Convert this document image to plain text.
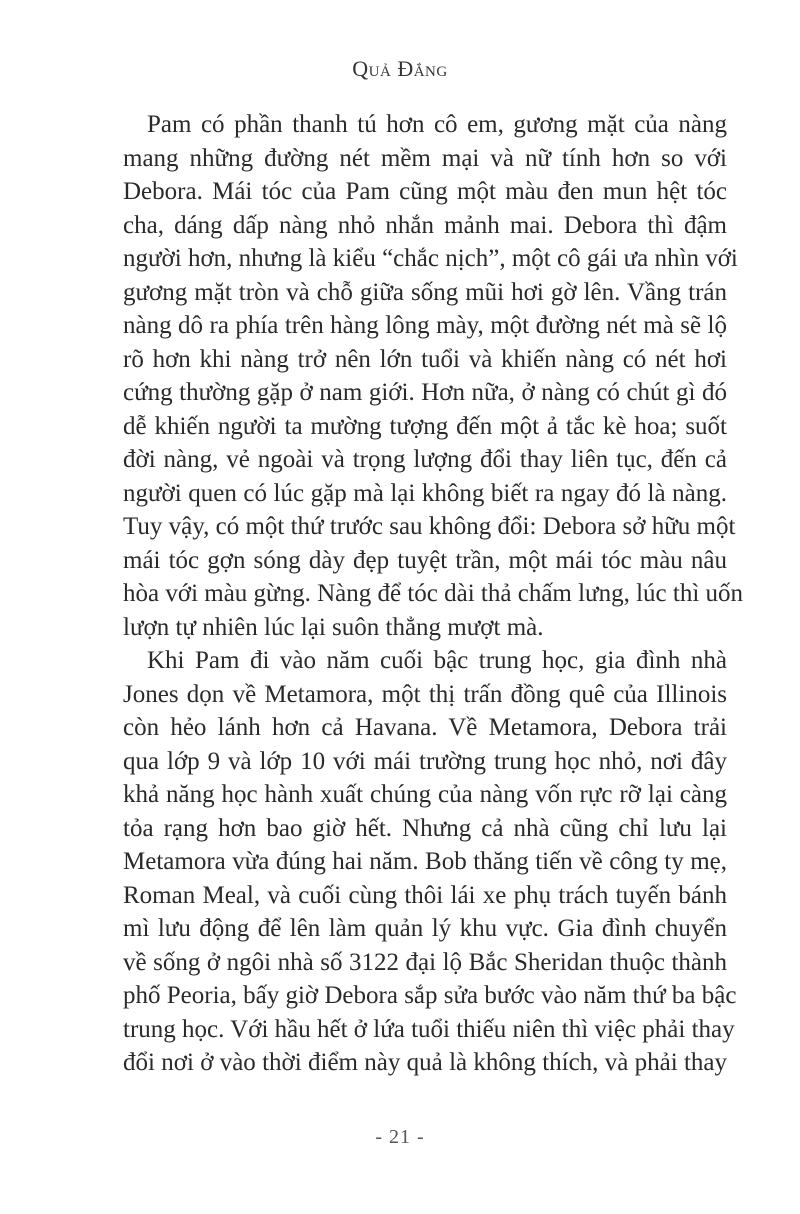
Quả Đắng
Pam có phần thanh tú hơn cô em, gương mặt của nàng
mang những đường nét mềm mại và nữ tính hơn so với
Debora. Mái tóc của Pam cũng một màu đen mun hệt tóc
cha, dáng dấp nàng nhỏ nhắn mảnh mai. Debora thì đậm
người hơn, nhưng là kiểu “chắc nịch”, một cô gái ưa nhìn với
gương mặt tròn và chỗ giữa sống mũi hơi gờ lên. Vầng trán
nàng dô ra phía trên hàng lông mày, một đường nét mà sẽ lộ
rõ hơn khi nàng trở nên lớn tuổi và khiến nàng có nét hơi
cứng thường gặp ở nam giới. Hơn nữa, ở nàng có chút gì đó
dễ khiến người ta mường tượng đến một ả tắc kè hoa; suốt
đời nàng, vẻ ngoài và trọng lượng đổi thay liên tục, đến cả
người quen có lúc gặp mà lại không biết ra ngay đó là nàng.
Tuy vậy, có một thứ trước sau không đổi: Debora sở hữu một
mái tóc gợn sóng dày đẹp tuyệt trần, một mái tóc màu nâu
hòa với màu gừng. Nàng để tóc dài thả chấm lưng, lúc thì uốn
lượn tự nhiên lúc lại suôn thẳng mượt mà.
Khi Pam đi vào năm cuối bậc trung học, gia đình nhà
Jones dọn về Metamora, một thị trấn đồng quê của Illinois
còn hẻo lánh hơn cả Havana. Về Metamora, Debora trải
qua lớp 9 và lớp 10 với mái trường trung học nhỏ, nơi đây
khả năng học hành xuất chúng của nàng vốn rực rỡ lại càng
tỏa rạng hơn bao giờ hết. Nhưng cả nhà cũng chỉ lưu lại
Metamora vừa đúng hai năm. Bob thăng tiến về công ty mẹ,
Roman Meal, và cuối cùng thôi lái xe phụ trách tuyến bánh
mì lưu động để lên làm quản lý khu vực. Gia đình chuyển
về sống ở ngôi nhà số 3122 đại lộ Bắc Sheridan thuộc thành
phố Peoria, bấy giờ Debora sắp sửa bước vào năm thứ ba bậc
trung học. Với hầu hết ở lứa tuổi thiếu niên thì việc phải thay
đổi nơi ở vào thời điểm này quả là không thích, và phải thay
- 21 -
